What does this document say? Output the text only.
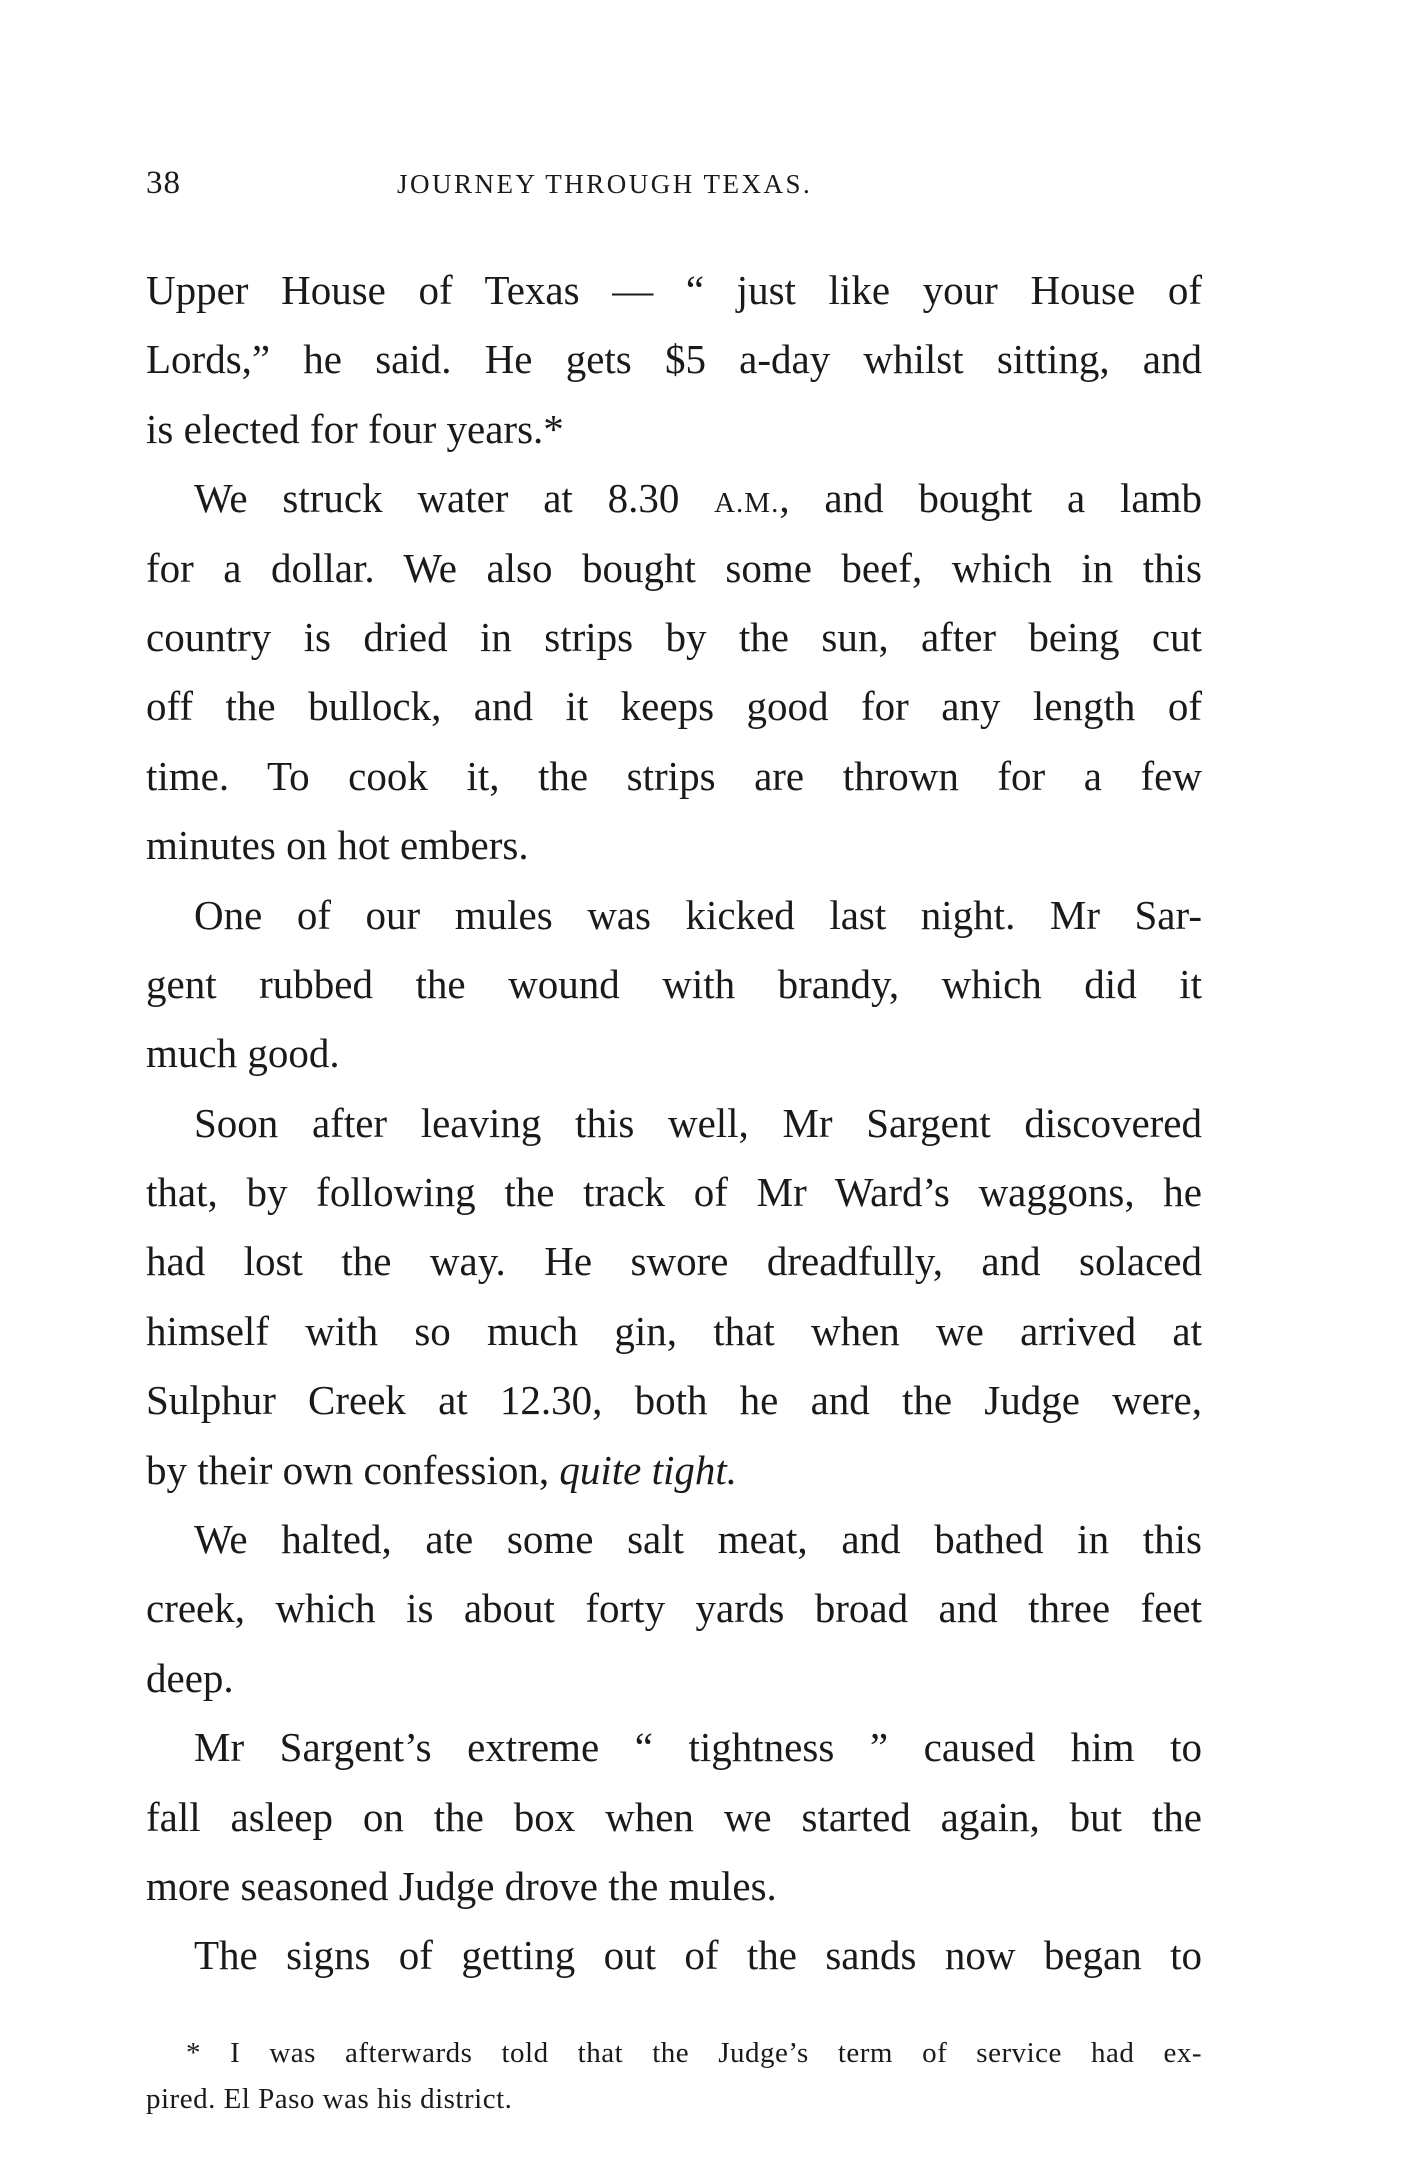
38	JOURNEY THROUGH TEXAS.
Upper House of Texas — “ just like your House of
Lords,” he said. He gets $5 a-day whilst sitting, and
is elected for four years.*
We struck water at 8.30 A.M., and bought a lamb
for a dollar. We also bought some beef, which in this
country is dried in strips by the sun, after being cut
off the bullock, and it keeps good for any length of
time. To cook it, the strips are thrown for a few
minutes on hot embers.
One of our mules was kicked last night. Mr Sar-
gent rubbed the wound with brandy, which did it
much good.
Soon after leaving this well, Mr Sargent discovered
that, by following the track of Mr Ward’s waggons, he
had lost the way. He swore dreadfully, and solaced
himself with so much gin, that when we arrived at
Sulphur Creek at 12.30, both he and the Judge were,
by their own confession, quite tight.
We halted, ate some salt meat, and bathed in this
creek, which is about forty yards broad and three feet
deep.
Mr Sargent’s extreme “ tightness ” caused him to
fall asleep on the box when we started again, but the
more seasoned Judge drove the mules.
The signs of getting out of the sands now began to
* I was afterwards told that the Judge’s term of service had ex-
pired. El Paso was his district.
